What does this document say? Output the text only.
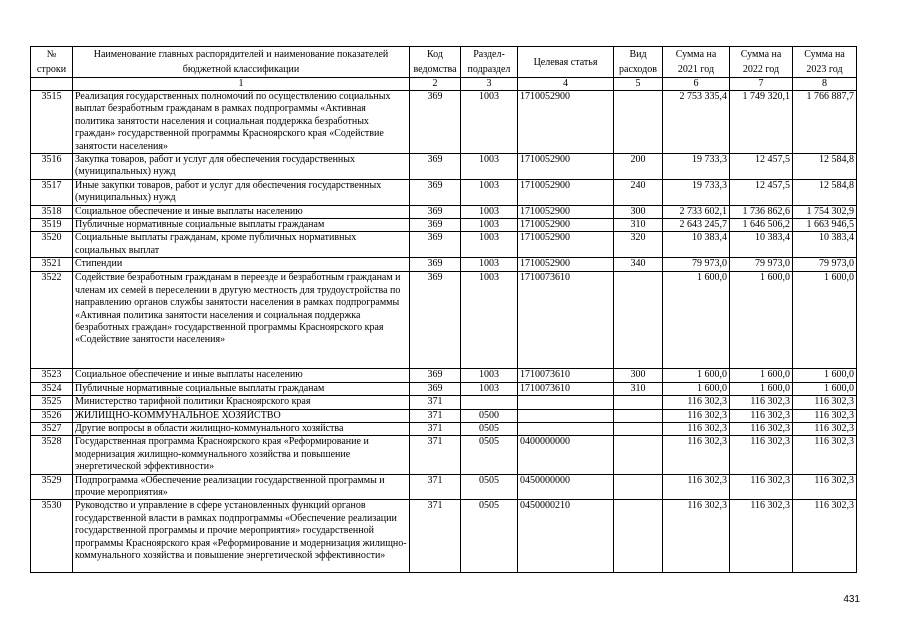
№ строки	Наименование главных распорядителей и наименование показателей бюджетной классификации	Код ведомства	Раздел-подраздел	Целевая статья	Вид расходов	Сумма на 2021 год	Сумма на 2022 год	Сумма на 2023 год
	1	2	3	4	5	6	7	8
3515	Реализация государственных полномочий по осуществлению социальных выплат безработным гражданам в рамках подпрограммы «Активная политика занятости населения и социальная поддержка безработных граждан» государственной программы Красноярского края «Содействие занятости населения»	369	1003	1710052900		2 753 335,4	1 749 320,1	1 766 887,7
3516	Закупка товаров, работ и услуг для обеспечения государственных (муниципальных) нужд	369	1003	1710052900	200	19 733,3	12 457,5	12 584,8
3517	Иные закупки товаров, работ и услуг для обеспечения государственных (муниципальных) нужд	369	1003	1710052900	240	19 733,3	12 457,5	12 584,8
3518	Социальное обеспечение и иные выплаты населению	369	1003	1710052900	300	2 733 602,1	1 736 862,6	1 754 302,9
3519	Публичные нормативные социальные выплаты гражданам	369	1003	1710052900	310	2 643 245,7	1 646 506,2	1 663 946,5
3520	Социальные выплаты гражданам, кроме публичных нормативных социальных выплат	369	1003	1710052900	320	10 383,4	10 383,4	10 383,4
3521	Стипендии	369	1003	1710052900	340	79 973,0	79 973,0	79 973,0
3522	Содействие безработным гражданам в переезде и безработным гражданам и членам их семей в переселении в другую местность для трудоустройства по направлению органов службы занятости населения в рамках подпрограммы «Активная политика занятости населения и социальная поддержка безработных граждан» государственной программы Красноярского края «Содействие занятости населения»	369	1003	1710073610		1 600,0	1 600,0	1 600,0
3523	Социальное обеспечение и иные выплаты населению	369	1003	1710073610	300	1 600,0	1 600,0	1 600,0
3524	Публичные нормативные социальные выплаты гражданам	369	1003	1710073610	310	1 600,0	1 600,0	1 600,0
3525	Министерство тарифной политики Красноярского края	371				116 302,3	116 302,3	116 302,3
3526	ЖИЛИЩНО-КОММУНАЛЬНОЕ ХОЗЯЙСТВО	371	0500			116 302,3	116 302,3	116 302,3
3527	Другие вопросы в области жилищно-коммунального хозяйства	371	0505			116 302,3	116 302,3	116 302,3
3528	Государственная программа Красноярского края «Реформирование и модернизация жилищно-коммунального хозяйства и повышение энергетической эффективности»	371	0505	0400000000		116 302,3	116 302,3	116 302,3
3529	Подпрограмма «Обеспечение реализации государственной программы и прочие мероприятия»	371	0505	0450000000		116 302,3	116 302,3	116 302,3
3530	Руководство и управление в сфере установленных функций органов государственной власти в рамках подпрограммы «Обеспечение реализации государственной программы и прочие мероприятия» государственной программы Красноярского края «Реформирование и модернизация жилищно-коммунального хозяйства и повышение энергетической эффективности»	371	0505	0450000210		116 302,3	116 302,3	116 302,3
431
